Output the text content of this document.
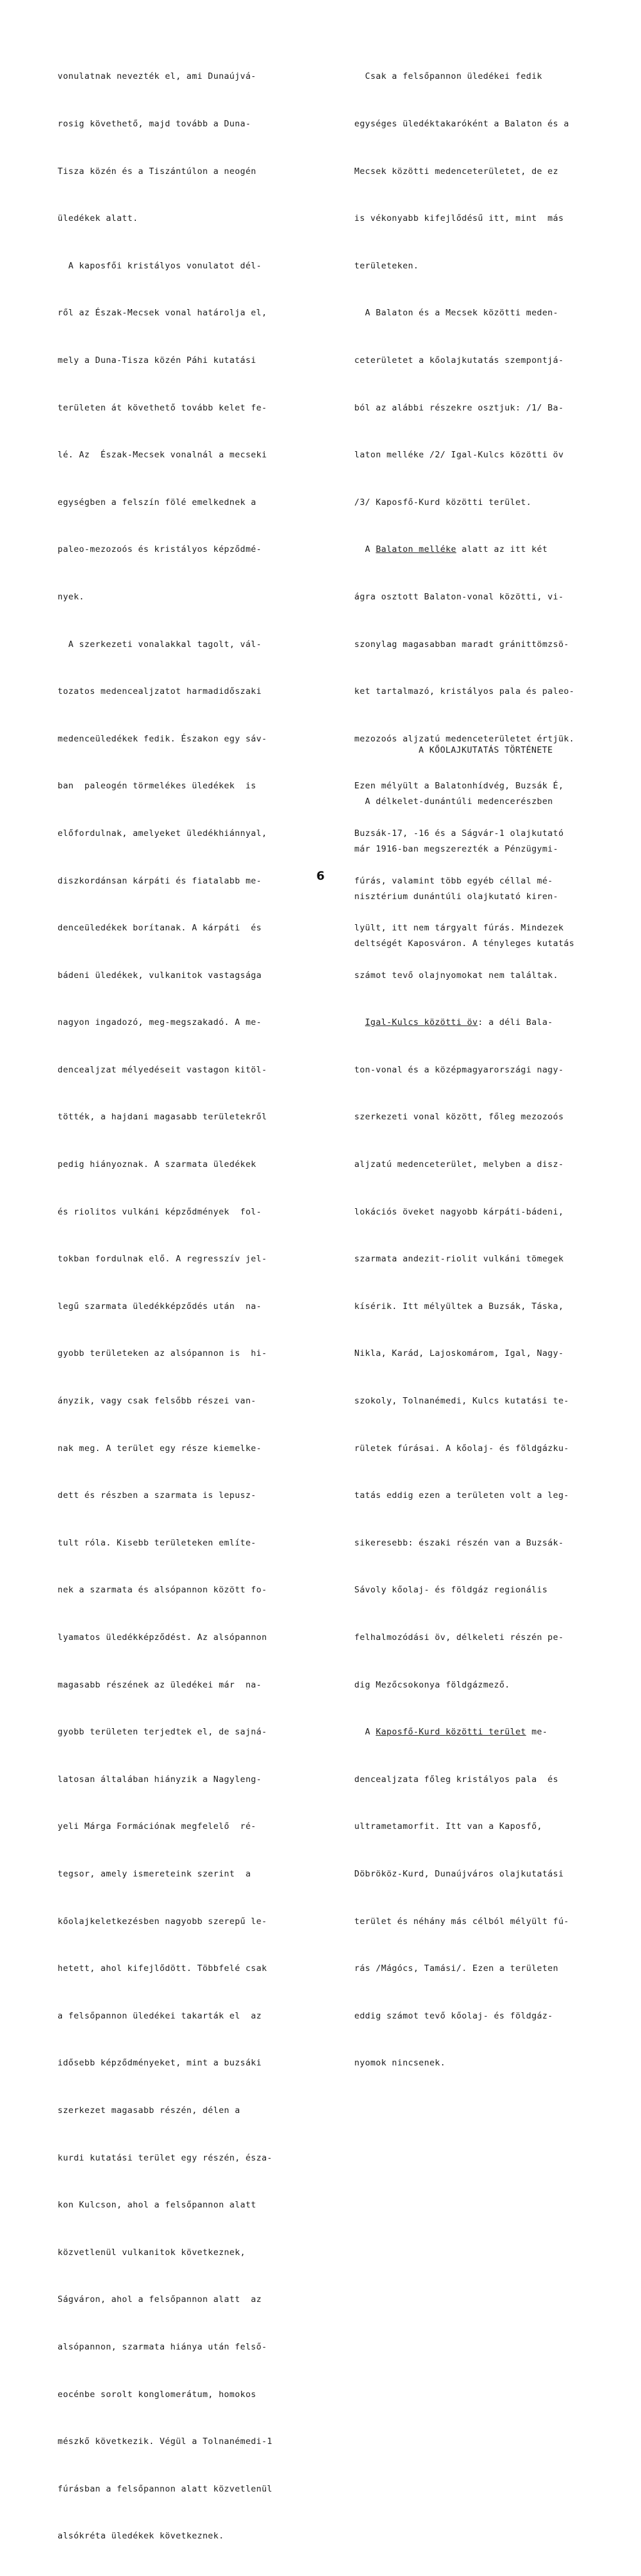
vonulatnak nevezték el, ami Dunaújvá-

rosig követhető, majd tovább a Duna-

Tisza közén és a Tiszántúlon a neogén

üledékek alatt.

A kaposfői kristályos vonulatot dél-

ről az Észak-Mecsek vonal határolja el,

mely a Duna-Tisza közén Páhi kutatási

területen át követhető tovább kelet fe-

lé. Az  Észak-Mecsek vonalnál a mecseki

egységben a felszín fölé emelkednek a

paleo-mezozoós és kristályos képződmé-

nyek.

A szerkezeti vonalakkal tagolt, vál-

tozatos medencealjzatot harmadidőszaki

medenceüledékek fedik. Északon egy sáv-

ban  paleogén törmelékes üledékek  is

előfordulnak, amelyeket üledékhiánnyal,

diszkordánsan kárpáti és fiatalabb me-

denceüledékek borítanak. A kárpáti  és

bádeni üledékek, vulkanitok vastagsága

nagyon ingadozó, meg-megszakadó. A me-

dencealjzat mélyedéseit vastagon kitöl-

tötték, a hajdani magasabb területekről

pedig hiányoznak. A szarmata üledékek

és riolitos vulkáni képződmények  fol-

tokban fordulnak elő. A regresszív jel-

legű szarmata üledékképződés után  na-

gyobb területeken az alsópannon is  hi-

ányzik, vagy csak felsőbb részei van-

nak meg. A terület egy része kiemelke-

dett és részben a szarmata is lepusz-

tult róla. Kisebb területeken említe-

nek a szarmata és alsópannon között fo-

lyamatos üledékképződést. Az alsópannon

magasabb részének az üledékei már  na-

gyobb területen terjedtek el, de sajná-

latosan általában hiányzik a Nagyleng-

yeli Márga Formációnak megfelelő  ré-

tegsor, amely ismereteink szerint  a

kőolajkeletkezésben nagyobb szerepű le-

hetett, ahol kifejlődött. Többfelé csak

a felsőpannon üledékei takarták el  az

idősebb képződményeket, mint a buzsáki

szerkezet magasabb részén, délen a

kurdi kutatási terület egy részén, észa-

kon Kulcson, ahol a felsőpannon alatt

közvetlenül vulkanitok következnek,

Ságváron, ahol a felsőpannon alatt  az

alsópannon, szarmata hiánya után felső-

eocénbe sorolt konglomerátum, homokos

mészkő következik. Végül a Tolnanémedi-1

fúrásban a felsőpannon alatt közvetlenül

alsókréta üledékek következnek.

Csak a felsőpannon üledékei fedik

egységes üledéktakaróként a Balaton és a

Mecsek közötti medenceterületet, de ez

is vékonyabb kifejlődésű itt, mint  más

területeken.

A Balaton és a Mecsek közötti meden-

ceterületet a kőolajkutatás szempontjá-

ból az alábbi részekre osztjuk: /1/ Ba-

laton melléke /2/ Igal-Kulcs közötti öv

/3/ Kaposfő-Kurd közötti terület.

A Balaton melléke alatt az itt két

ágra osztott Balaton-vonal közötti, vi-

szonylag magasabban maradt gránittömzsö-

ket tartalmazó, kristályos pala és paleo-

mezozoós aljzatú medenceterületet értjük.

Ezen mélyült a Balatonhídvég, Buzsák É,

Buzsák-17, -16 és a Ságvár-1 olajkutató

fúrás, valamint több egyéb céllal mé-

lyült, itt nem tárgyalt fúrás. Mindezek

számot tevő olajnyomokat nem találtak.

Igal-Kulcs közötti öv: a déli Bala-

ton-vonal és a középmagyarországi nagy-

szerkezeti vonal között, főleg mezozoós

aljzatú medenceterület, melyben a disz-

lokációs öveket nagyobb kárpáti-bádeni,

szarmata andezit-riolit vulkáni tömegek

kísérik. Itt mélyültek a Buzsák, Táska,

Nikla, Karád, Lajoskomárom, Igal, Nagy-

szokoly, Tolnanémedi, Kulcs kutatási te-

rületek fúrásai. A kőolaj- és földgázku-

tatás eddig ezen a területen volt a leg-

sikeresebb: északi részén van a Buzsák-

Sávoly kőolaj- és földgáz regionális

felhalmozódási öv, délkeleti részén pe-

dig Mezőcsokonya földgázmező.

A Kaposfő-Kurd közötti terület me-

dencealjzata főleg kristályos pala  és

ultrametamorfit. Itt van a Kaposfő,

Döbrököz-Kurd, Dunaújváros olajkutatási

terület és néhány más célból mélyült fú-

rás /Mágócs, Tamási/. Ezen a területen

eddig számot tevő kőolaj- és földgáz-

nyomok nincsenek.

A délkelet-dunántúli medencerészben

már 1916-ban megszerezték a Pénzügymi-

nisztérium dunántúli olajkutató kiren-

deltségét Kaposváron. A tényleges kutatás

A KŐOLAJKUTATÁS TÖRTÉNETE
6
